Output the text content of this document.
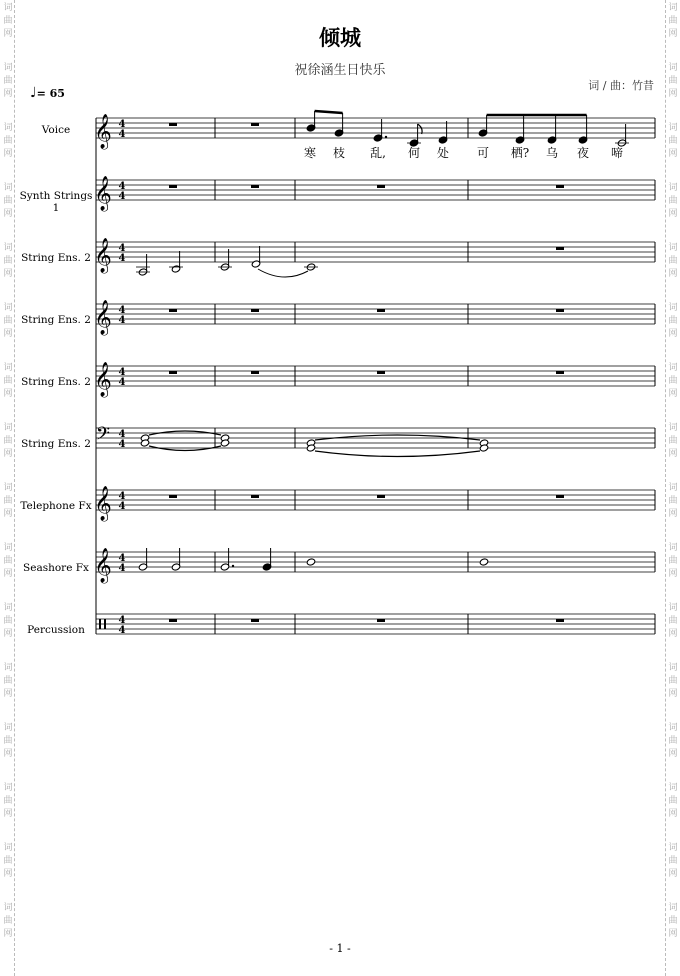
词
曲
网
词
曲
网
词
曲
网
词
曲
网
词
曲
网
词
曲
网
词
曲
网
词
曲
网
词
曲
网
词
曲
网
词
曲
网
词
曲
网
词
曲
网
词
曲
网
词
曲
网
词
曲
网
词
曲
网
词
曲
网
词
曲
网
词
曲
网
词
曲
网
词
曲
网
词
曲
网
词
曲
网
词
曲
网
词
曲
网
词
曲
网
词
曲
网
词
曲
网
词
曲
网
词
曲
网
词
曲
网
倾城
祝徐涵生日快乐
词 / 曲：竹昔
♩= 65
Voice
Synth Strings 1
String Ens. 2
String Ens. 2
String Ens. 2
String Ens. 2
Telephone Fx
Seashore Fx
Percussion
𝄞 4
4
𝄞 4
4
𝄞 4
4
𝄞 4
4
𝄞 4
4
𝄢 4
4
𝄞 4
4
𝄞 4
4
4
4
寒 枝 乱, 何 处 可 栖? 乌 夜 啼
- 1 -
